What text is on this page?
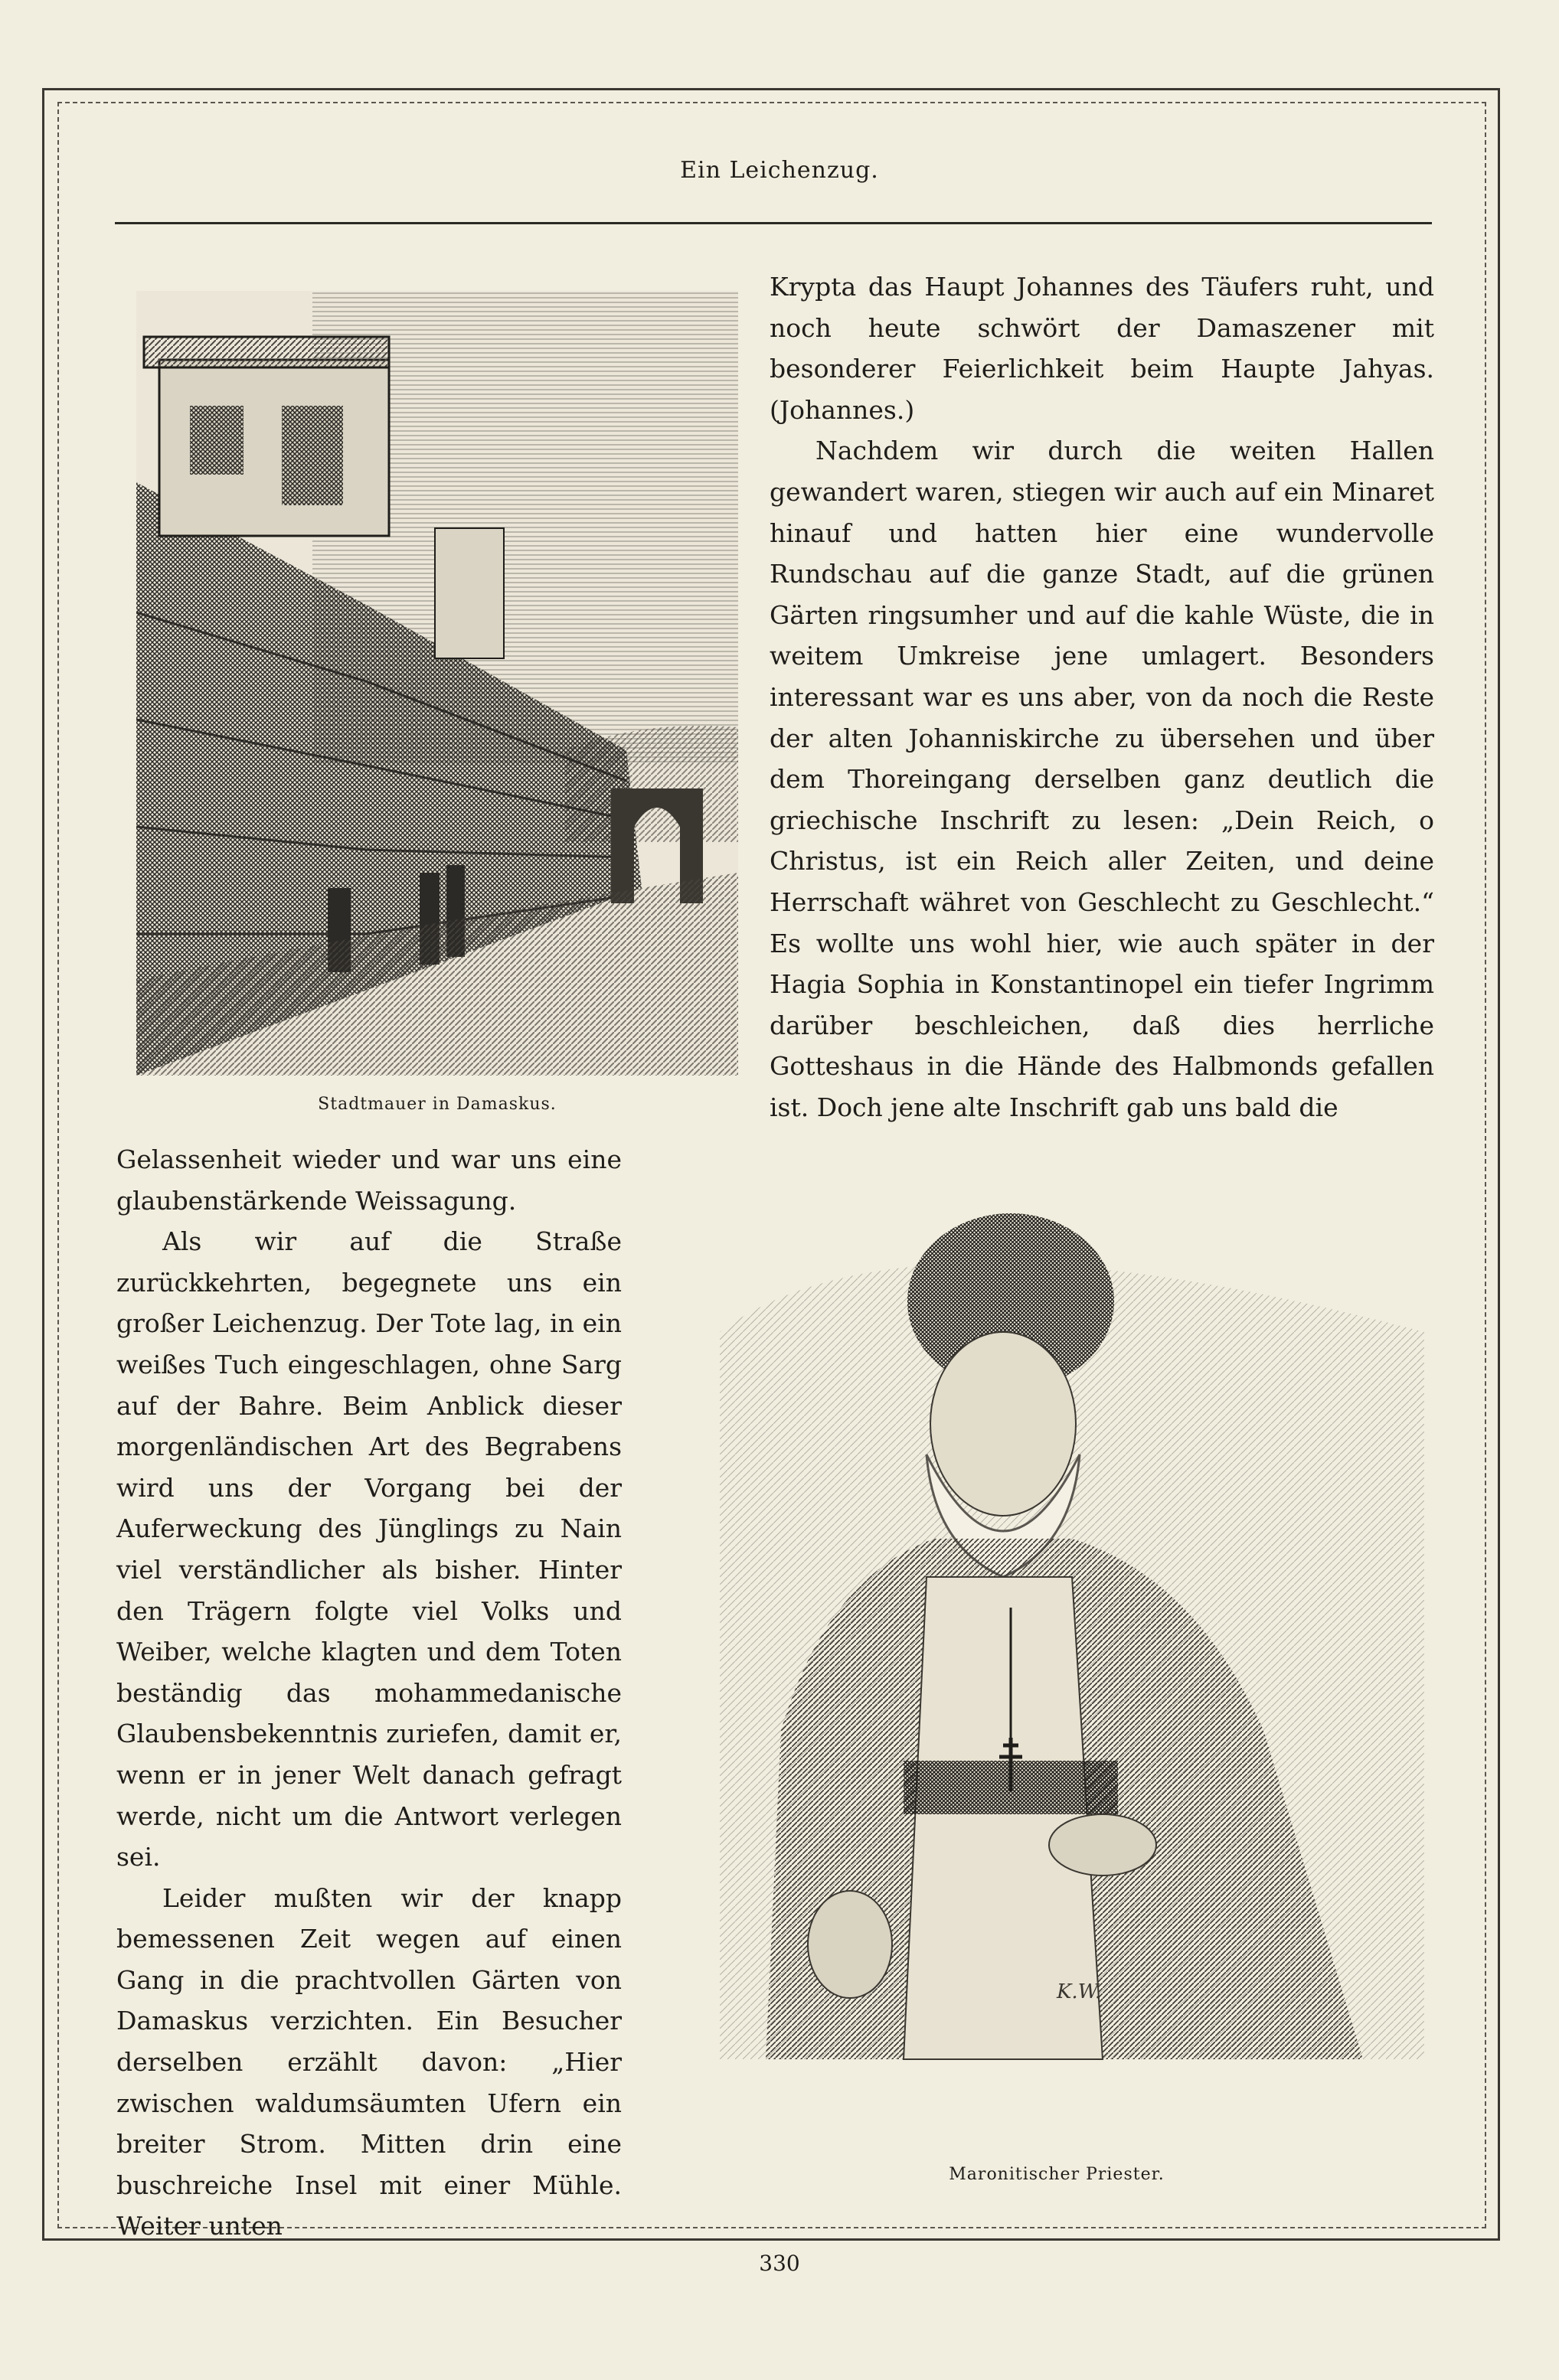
Ein Leichenzug.
Stadtmauer in Damaskus.

Krypta das Haupt Johannes des Täufers ruht, und noch heute schwört der Damaszener mit besonderer Feierlichkeit beim Haupte Jahyas. (Johannes.)

Nachdem wir durch die weiten Hallen gewandert waren, stiegen wir auch auf ein Minaret hinauf und hatten hier eine wundervolle Rundschau auf die ganze Stadt, auf die grünen Gärten ringsumher und auf die kahle Wüste, die in weitem Umkreise jene umlagert. Besonders interessant war es uns aber, von da noch die Reste der alten Johanniskirche zu übersehen und über dem Thoreingang derselben ganz deutlich die griechische Inschrift zu lesen: „Dein Reich, o Christus, ist ein Reich aller Zeiten, und deine Herrschaft währet von Geschlecht zu Geschlecht.“ Es wollte uns wohl hier, wie auch später in der Hagia Sophia in Konstantinopel ein tiefer Ingrimm darüber beschleichen, daß dies herrliche Gotteshaus in die Hände des Halbmonds gefallen ist. Doch jene alte Inschrift gab uns bald die

Gelassenheit wieder und war uns eine glaubenstärkende Weissagung.

Als wir auf die Straße zurückkehrten, begegnete uns ein großer Leichenzug. Der Tote lag, in ein weißes Tuch eingeschlagen, ohne Sarg auf der Bahre. Beim Anblick dieser morgenländischen Art des Begrabens wird uns der Vorgang bei der Auferweckung des Jünglings zu Nain viel verständlicher als bisher. Hinter den Trägern folgte viel Volks und Weiber, welche klagten und dem Toten beständig das mohammedanische Glaubensbekenntnis zuriefen, damit er, wenn er in jener Welt danach gefragt werde, nicht um die Antwort verlegen sei.

Leider mußten wir der knapp bemessenen Zeit wegen auf einen Gang in die prachtvollen Gärten von Damaskus verzichten. Ein Besucher derselben erzählt davon: „Hier zwischen waldumsäumten Ufern ein breiter Strom. Mitten drin eine buschreiche Insel mit einer Mühle. Weiter unten

K.W.
Maronitischer Priester.
330
